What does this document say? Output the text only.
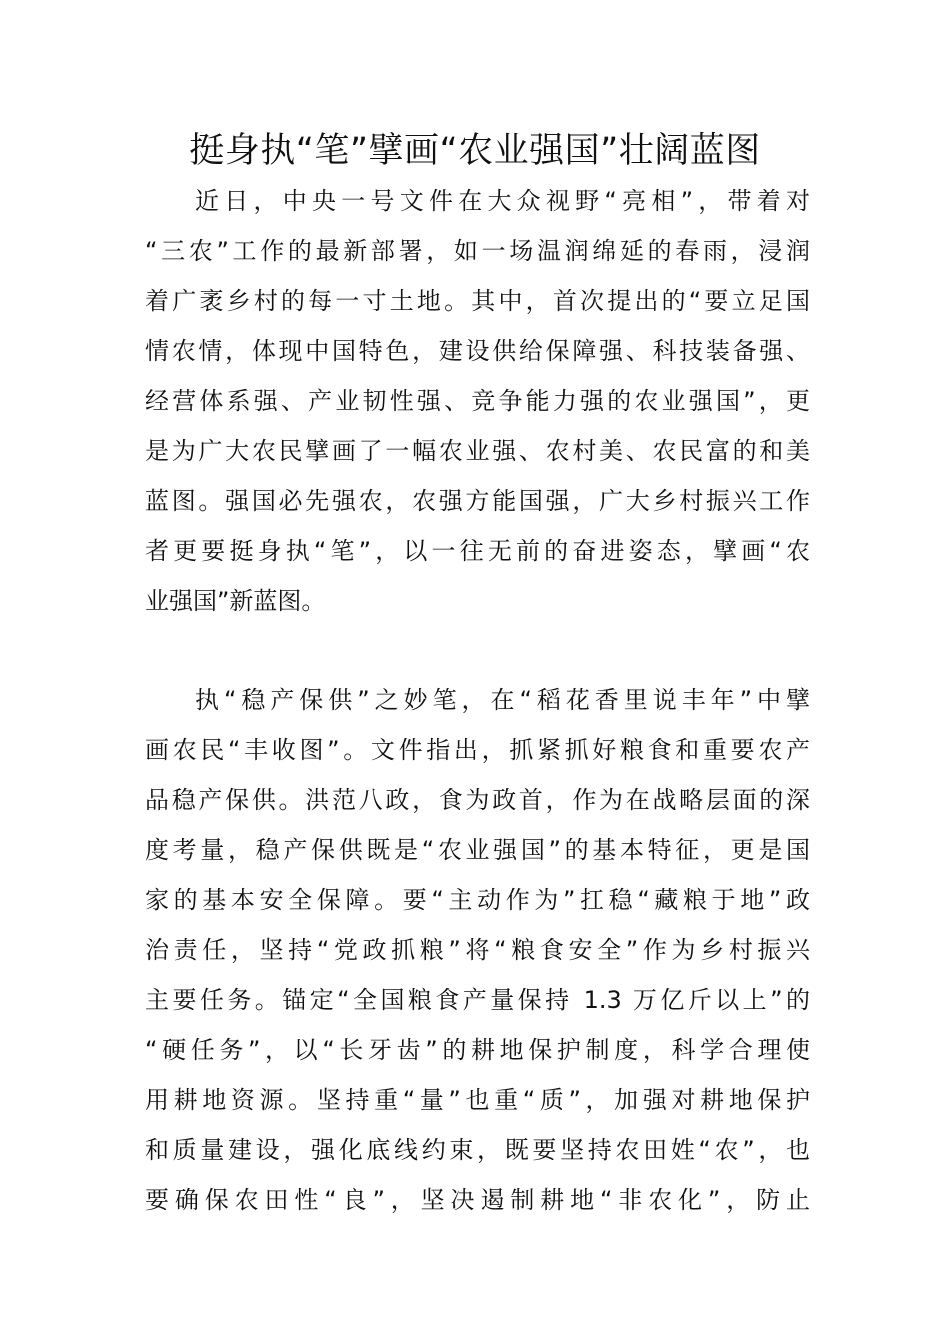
挺身执“笔”擘画“农业强国”壮阔蓝图
近日，中央一号文件在大众视野“亮相”，带着对
“三农”工作的最新部署，如一场温润绵延的春雨，浸润
着广袤乡村的每一寸土地。其中，首次提出的“要立足国
情农情，体现中国特色，建设供给保障强、科技装备强、
经营体系强、产业韧性强、竞争能力强的农业强国”，更
是为广大农民擘画了一幅农业强、农村美、农民富的和美
蓝图。强国必先强农，农强方能国强，广大乡村振兴工作
者更要挺身执“笔”，以一往无前的奋进姿态，擘画“农
业强国”新蓝图。
执“稳产保供”之妙笔，在“稻花香里说丰年”中擘
画农民“丰收图”。文件指出，抓紧抓好粮食和重要农产
品稳产保供。洪范八政，食为政首，作为在战略层面的深
度考量，稳产保供既是“农业强国”的基本特征，更是国
家的基本安全保障。要“主动作为”扛稳“藏粮于地”政
治责任，坚持“党政抓粮”将“粮食安全”作为乡村振兴
主要任务。锚定“全国粮食产量保持 1.3 万亿斤以上”的
“硬任务”，以“长牙齿”的耕地保护制度，科学合理使
用耕地资源。坚持重“量”也重“质”，加强对耕地保护
和质量建设，强化底线约束，既要坚持农田姓“农”，也
要确保农田性“良”，坚决遏制耕地“非农化”，防止
